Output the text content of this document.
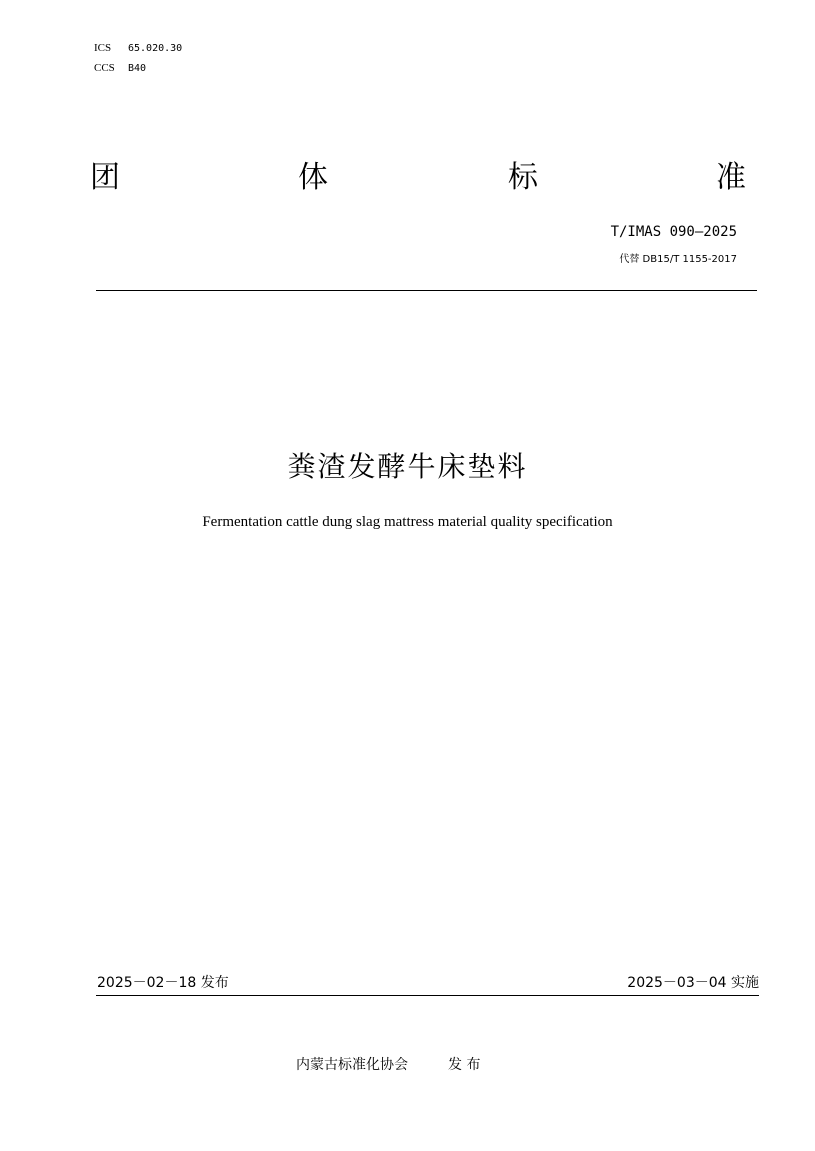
ICS 65.020.30
CCS B40
团	体	标	准
T/IMAS 090—2025
代替 DB15/T 1155-2017
粪渣发酵牛床垫料
Fermentation cattle dung slag mattress material quality specification
2025－02－18 发布	2025－03－04 实施
内蒙古标准化协会	发 布
